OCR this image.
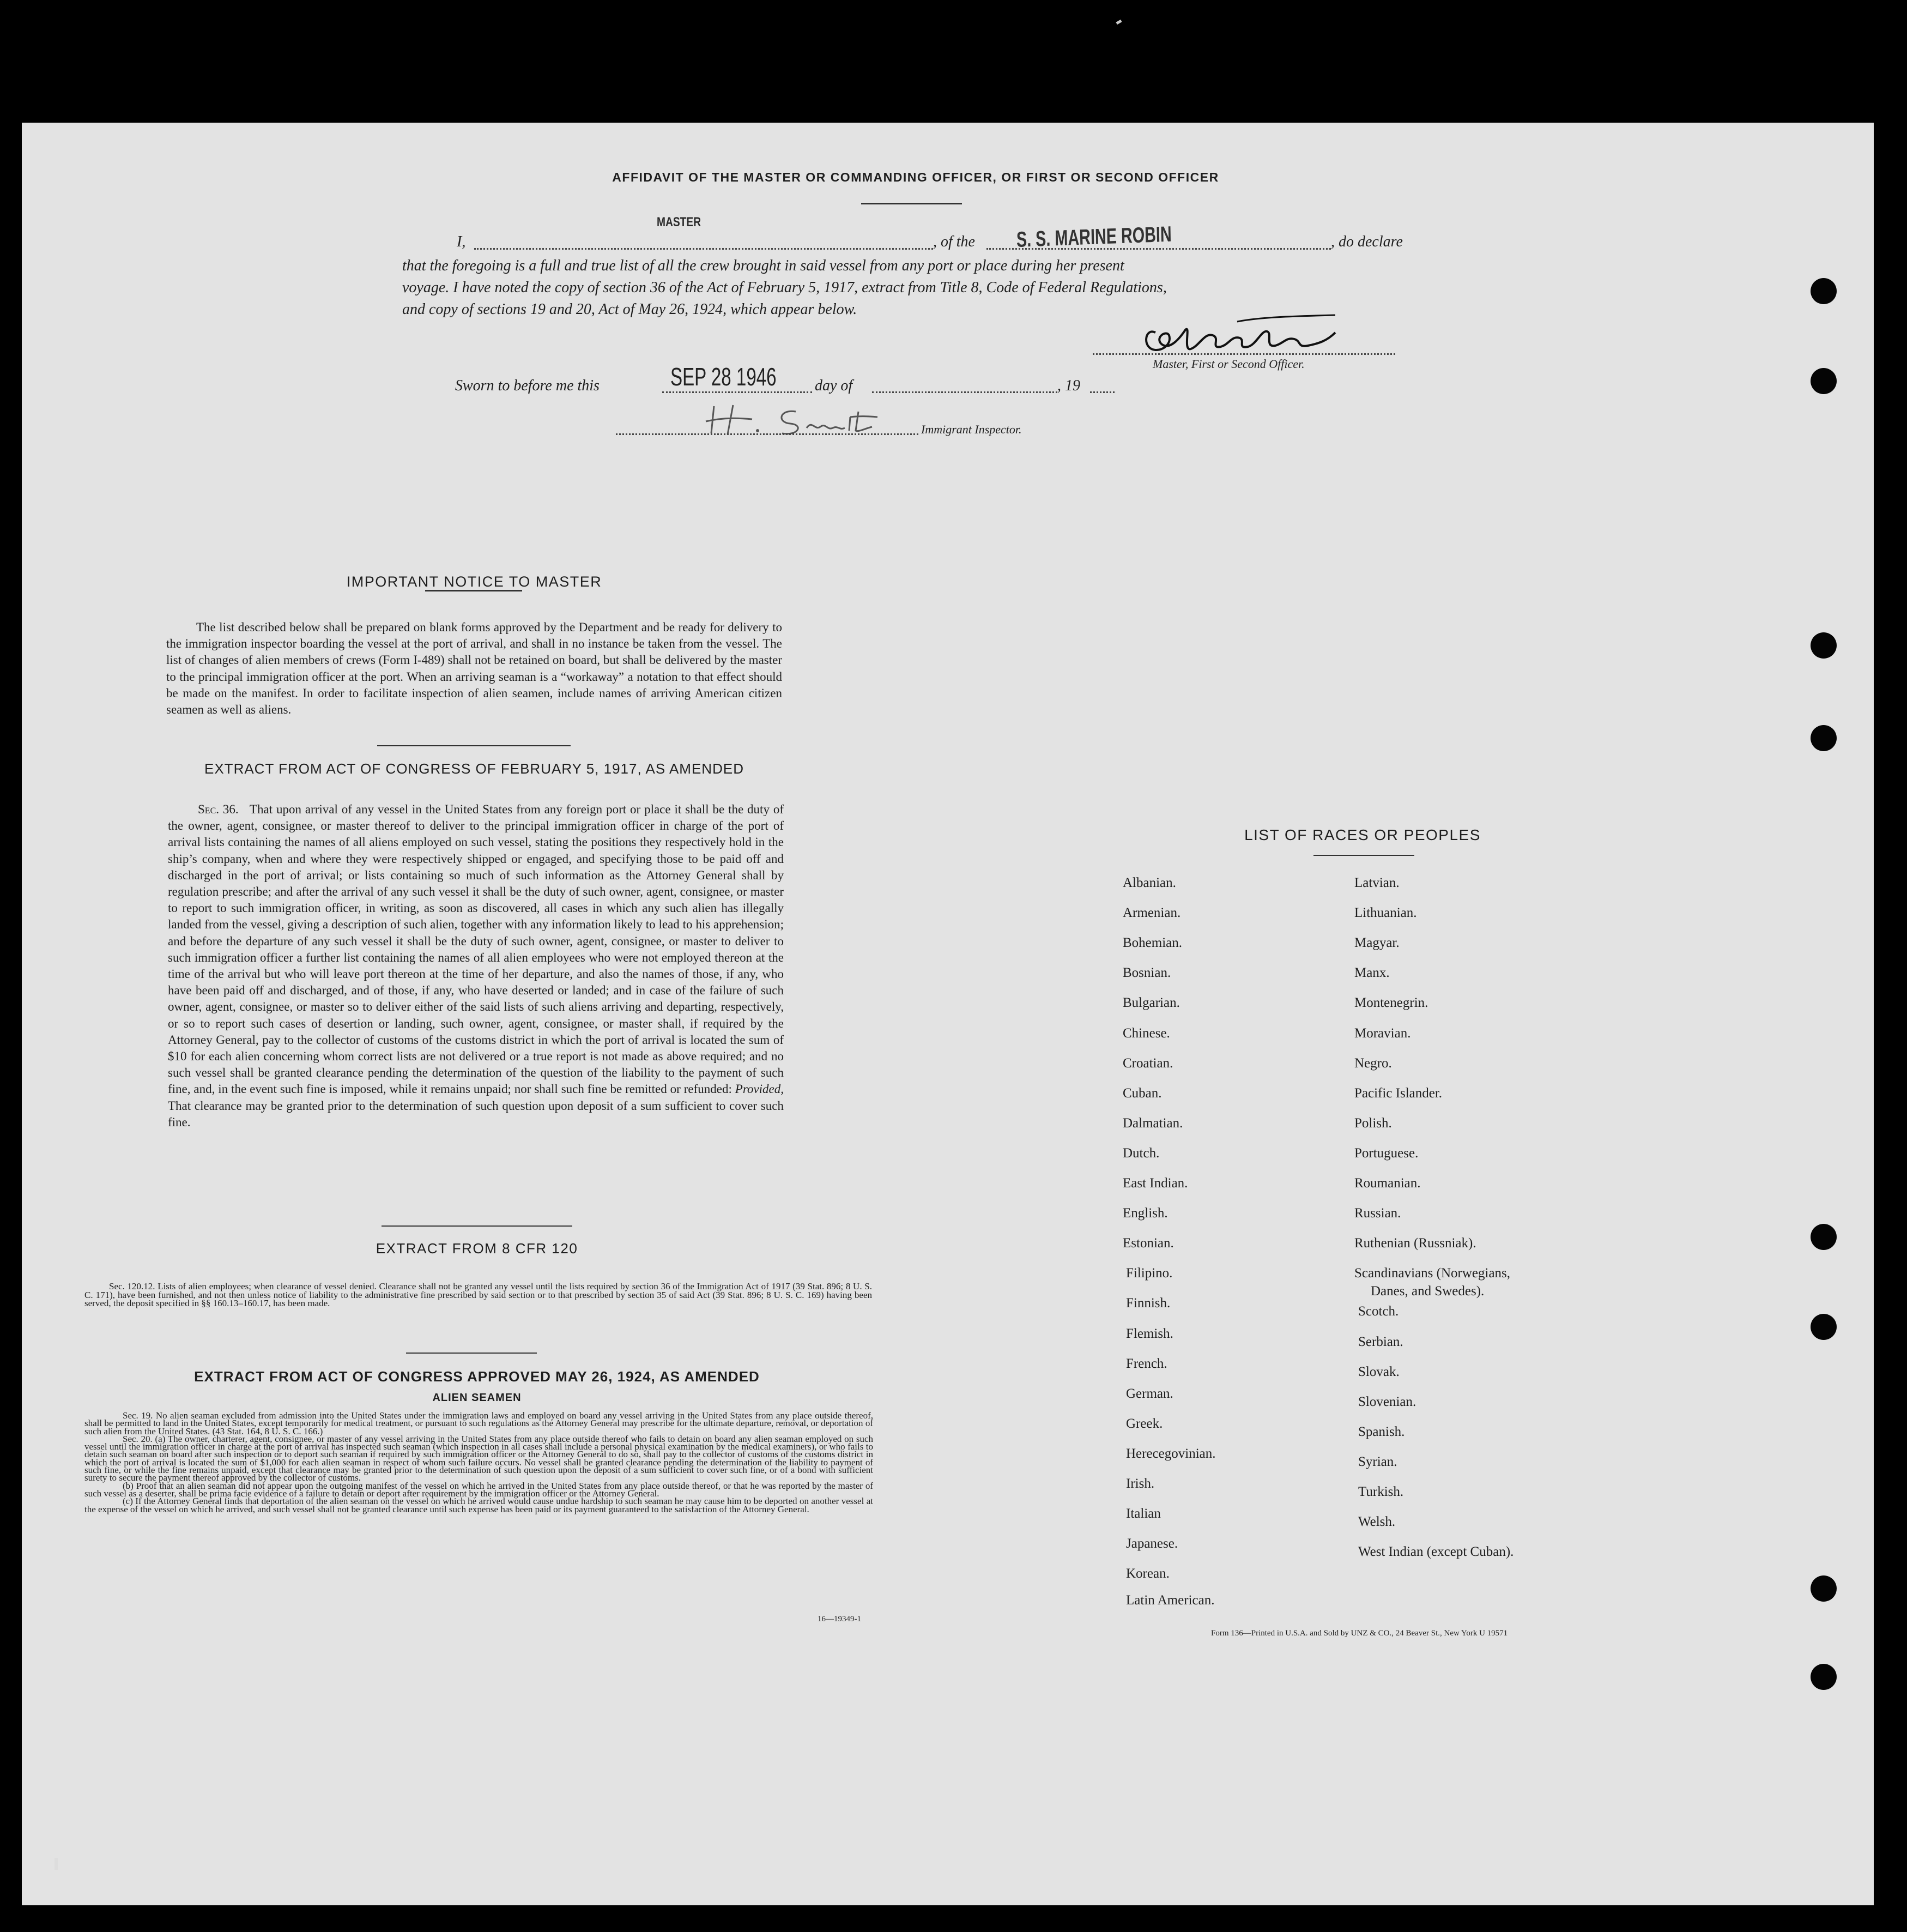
AFFIDAVIT OF THE MASTER OR COMMANDING OFFICER, OR FIRST OR SECOND OFFICER
I,
MASTER
, of the S. S. MARINE ROBIN	, do declare
that the foregoing is a full and true list of all the crew brought in said vessel from any port or place during her present
voyage. I have noted the copy of section 36 of the Act of February 5, 1917, extract from Title 8, Code of Federal Regulations,
and copy of sections 19 and 20, Act of May 26, 1924, which appear below.
Master, First or Second Officer.
Sworn to before me this	SEP 28 1946	day of	, 19
Immigrant Inspector.
IMPORTANT NOTICE TO MASTER
The list described below shall be prepared on blank forms approved by the Department and be ready for delivery to the immigration inspector boarding the vessel at the port of arrival, and shall in no instance be taken from the vessel. The list of changes of alien members of crews (Form I-489) shall not be retained on board, but shall be delivered by the master to the principal immigration officer at the port. When an arriving seaman is a “workaway” a notation to that effect should be made on the manifest. In order to facilitate inspection of alien seamen, include names of arriving American citizen seamen as well as aliens.
EXTRACT FROM ACT OF CONGRESS OF FEBRUARY 5, 1917, AS AMENDED
Sec. 36. That upon arrival of any vessel in the United States from any foreign port or place it shall be the duty of the owner, agent, consignee, or master thereof to deliver to the principal immigration officer in charge of the port of arrival lists containing the names of all aliens employed on such vessel, stating the positions they respectively hold in the ship’s company, when and where they were respectively shipped or engaged, and specifying those to be paid off and discharged in the port of arrival; or lists containing so much of such information as the Attorney General shall by regulation prescribe; and after the arrival of any such vessel it shall be the duty of such owner, agent, consignee, or master to report to such immigration officer, in writing, as soon as discovered, all cases in which any such alien has illegally landed from the vessel, giving a description of such alien, together with any information likely to lead to his apprehension; and before the departure of any such vessel it shall be the duty of such owner, agent, consignee, or master to deliver to such immigration officer a further list containing the names of all alien employees who were not employed thereon at the time of the arrival but who will leave port thereon at the time of her departure, and also the names of those, if any, who have been paid off and discharged, and of those, if any, who have deserted or landed; and in case of the failure of such owner, agent, consignee, or master so to deliver either of the said lists of such aliens arriving and departing, respectively, or so to report such cases of desertion or landing, such owner, agent, consignee, or master shall, if required by the Attorney General, pay to the collector of customs of the customs district in which the port of arrival is located the sum of $10 for each alien concerning whom correct lists are not delivered or a true report is not made as above required; and no such vessel shall be granted clearance pending the determination of the question of the liability to the payment of such fine, and, in the event such fine is imposed, while it remains unpaid; nor shall such fine be remitted or refunded: Provided, That clearance may be granted prior to the determination of such question upon deposit of a sum sufficient to cover such fine.
EXTRACT FROM 8 CFR 120
Sec. 120.12. Lists of alien employees; when clearance of vessel denied. Clearance shall not be granted any vessel until the lists required by section 36 of the Immigration Act of 1917 (39 Stat. 896; 8 U. S. C. 171), have been furnished, and not then unless notice of liability to the administrative fine prescribed by said section or to that prescribed by section 35 of said Act (39 Stat. 896; 8 U. S. C. 169) having been served, the deposit specified in §§ 160.13–160.17, has been made.
EXTRACT FROM ACT OF CONGRESS APPROVED MAY 26, 1924, AS AMENDED
ALIEN SEAMEN
Sec. 19. No alien seaman excluded from admission into the United States under the immigration laws and employed on board any vessel arriving in the United States from any place outside thereof, shall be permitted to land in the United States, except temporarily for medical treatment, or pursuant to such regulations as the Attorney General may prescribe for the ultimate departure, removal, or deportation of such alien from the United States. (43 Stat. 164, 8 U. S. C. 166.)
Sec. 20. (a) The owner, charterer, agent, consignee, or master of any vessel arriving in the United States from any place outside thereof who fails to detain on board any alien seaman employed on such vessel until the immigration officer in charge at the port of arrival has inspected such seaman (which inspection in all cases shall include a personal physical examination by the medical examiners), or who fails to detain such seaman on board after such inspection or to deport such seaman if required by such immigration officer or the Attorney General to do so, shall pay to the collector of customs of the customs district in which the port of arrival is located the sum of $1,000 for each alien seaman in respect of whom such failure occurs. No vessel shall be granted clearance pending the determination of the liability to payment of such fine, or while the fine remains unpaid, except that clearance may be granted prior to the determination of such question upon the deposit of a sum sufficient to cover such fine, or of a bond with sufficient surety to secure the payment thereof approved by the collector of customs.
(b) Proof that an alien seaman did not appear upon the outgoing manifest of the vessel on which he arrived in the United States from any place outside thereof, or that he was reported by the master of such vessel as a deserter, shall be prima facie evidence of a failure to detain or deport after requirement by the immigration officer or the Attorney General.
(c) If the Attorney General finds that deportation of the alien seaman on the vessel on which he arrived would cause undue hardship to such seaman he may cause him to be deported on another vessel at the expense of the vessel on which he arrived, and such vessel shall not be granted clearance until such expense has been paid or its payment guaranteed to the satisfaction of the Attorney General.
16—19349-1
LIST OF RACES OR PEOPLES
Albanian.
Armenian.
Bohemian.
Bosnian.
Bulgarian.
Chinese.
Croatian.
Cuban.
Dalmatian.
Dutch.
East Indian.
English.
Estonian.
Filipino.
Finnish.
Flemish.
French.
German.
Greek.
Herecegovinian.
Irish.
Italian
Japanese.
Korean.
Latin American.
Latvian.
Lithuanian.
Magyar.
Manx.
Montenegrin.
Moravian.
Negro.
Pacific Islander.
Polish.
Portuguese.
Roumanian.
Russian.
Ruthenian (Russniak).
Scandinavians (Norwegians,
Danes, and Swedes).
Scotch.
Serbian.
Slovak.
Slovenian.
Spanish.
Syrian.
Turkish.
Welsh.
West Indian (except Cuban).
Form 136—Printed in U.S.A. and Sold by UNZ & CO., 24 Beaver St., New York U 19571
